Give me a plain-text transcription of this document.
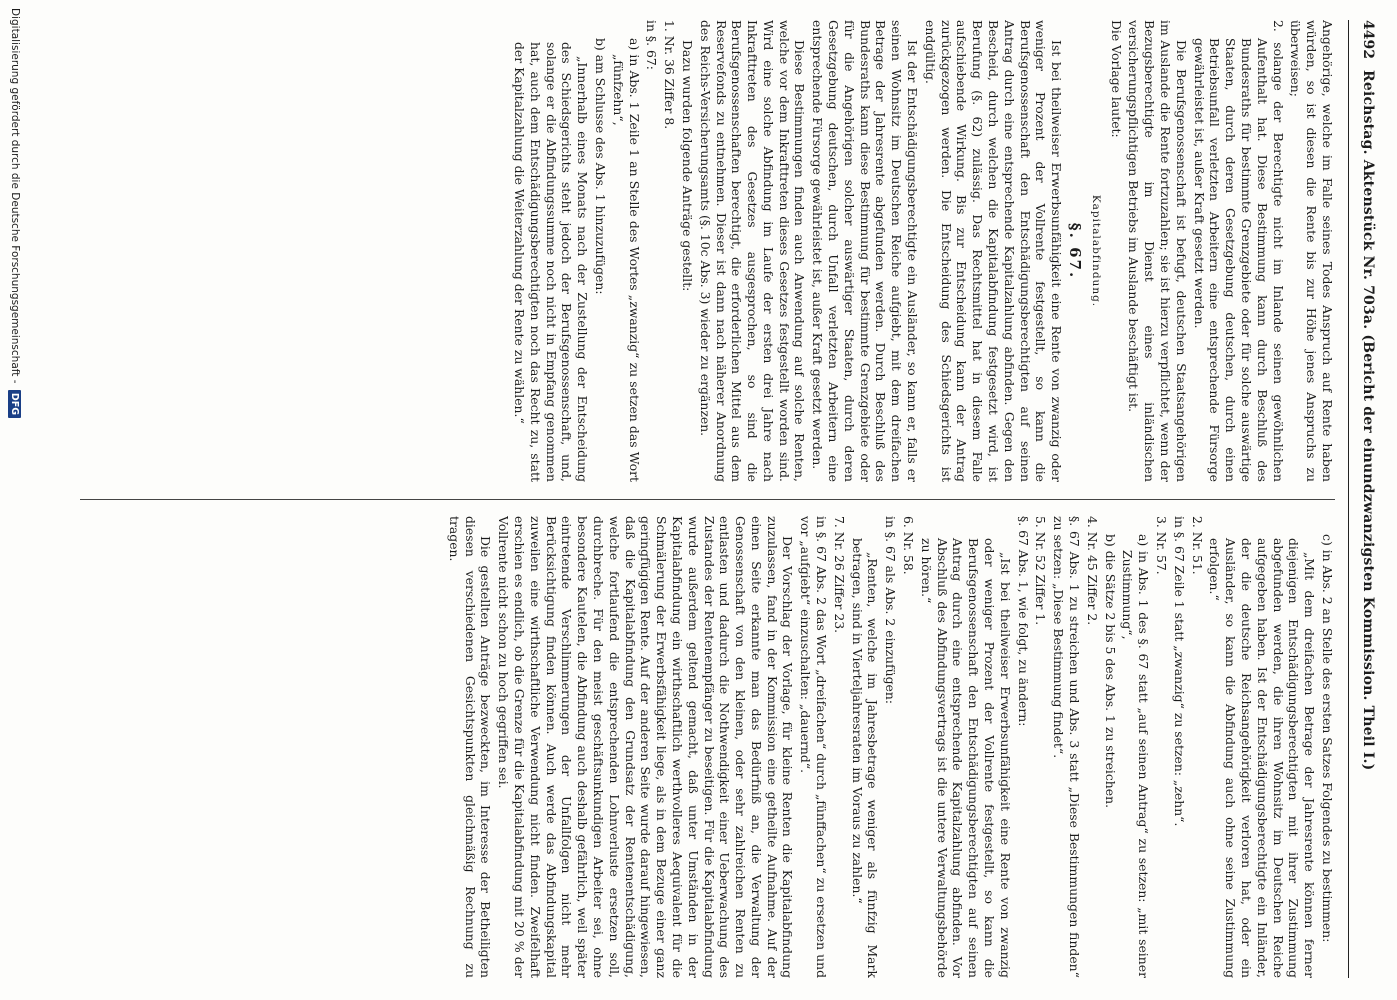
4492
Reichstag. Aktenstück Nr. 703a. (Bericht der einundzwanzigsten Kommission. Theil I.)
Angehörige, welche im Falle seines Todes Anspruch auf Rente haben würden, so ist diesen die Rente bis zur Höhe jenes Anspruchs zu überweisen;
2. solange der Berechtigte nicht im Inlande seinen gewöhnlichen Aufenthalt hat. Diese Bestimmung kann durch Beschluß des Bundesraths für bestimmte Grenzgebiete oder für solche auswärtige Staaten, durch deren Gesetzgebung deutschen, durch einen Betriebsunfall verletzten Arbeitern eine entsprechende Fürsorge gewährleistet ist, außer Kraft gesetzt werden.
Die Berufsgenossenschaft ist befugt, deutschen Staatsangehörigen im Auslande die Rente fortzuzahlen; sie ist hierzu verpflichtet, wenn der Bezugsberechtigte im Dienst eines inländischen versicherungspflichtigen Betriebs im Auslande beschäftigt ist.
Die Vorlage lautet:
Kapitalabfindung.
§. 67.
Ist bei theilweiser Erwerbsunfähigkeit eine Rente von zwanzig oder weniger Prozent der Vollrente festgestellt, so kann die Berufsgenossenschaft den Entschädigungsberechtigten auf seinen Antrag durch eine entsprechende Kapitalzahlung abfinden. Gegen den Bescheid, durch welchen die Kapitalabfindung festgesetzt wird, ist Berufung (§. 62) zulässig. Das Rechtsmittel hat in diesem Falle aufschiebende Wirkung. Bis zur Entscheidung kann der Antrag zurückgezogen werden. Die Entscheidung des Schiedsgerichts ist endgültig.
Ist der Entschädigungsberechtigte ein Ausländer, so kann er, falls er seinen Wohnsitz im Deutschen Reiche aufgiebt, mit dem dreifachen Betrage der Jahresrente abgefunden werden. Durch Beschluß des Bundesraths kann diese Bestimmung für bestimmte Grenzgebiete oder für die Angehörigen solcher auswärtiger Staaten, durch deren Gesetzgebung deutschen, durch Unfall verletzten Arbeitern eine entsprechende Fürsorge gewährleistet ist, außer Kraft gesetzt werden.
Diese Bestimmungen finden auch Anwendung auf solche Renten, welche vor dem Inkrafttreten dieses Gesetzes festgestellt worden sind. Wird eine solche Abfindung im Laufe der ersten drei Jahre nach Inkrafttreten des Gesetzes ausgesprochen, so sind die Berufsgenossenschaften berechtigt, die erforderlichen Mittel aus dem Reservefonds zu entnehmen. Dieser ist dann nach näherer Anordnung des Reichs-Versicherungsamts (§. 10c Abs. 3) wieder zu ergänzen.
Dazu wurden folgende Anträge gestellt:
1. Nr. 36 Ziffer 8.
in §. 67:
a) in Abs. 1 Zeile 1 an Stelle des Wortes „zwanzig“ zu setzen das Wort „fünfzehn“,
b) am Schlusse des Abs. 1 hinzuzufügen:
„Innerhalb eines Monats nach der Zustellung der Entscheidung des Schiedsgerichts steht jedoch der Berufsgenossenschaft, und, solange er die Abfindungssumme noch nicht in Empfang genommen hat, auch dem Entschädigungsberechtigten noch das Recht zu, statt der Kapitalzahlung die Weiterzahlung der Rente zu wählen.“
c) in Abs. 2 an Stelle des ersten Satzes Folgendes zu bestimmen:
„Mit dem dreifachen Betrage der Jahresrente können ferner diejenigen Entschädigungsberechtigten mit ihrer Zustimmung abgefunden werden, die ihren Wohnsitz im Deutschen Reiche aufgegeben haben. Ist der Entschädigungsberechtigte ein Inländer, der die deutsche Reichsangehörigkeit verloren hat, oder ein Ausländer, so kann die Abfindung auch ohne seine Zustimmung erfolgen.“
2. Nr. 51.
in §. 67 Zeile 1 statt „zwanzig“ zu setzen: „zehn“.
3. Nr. 57.
a) in Abs. 1 des §. 67 statt „auf seinen Antrag“ zu setzen: „mit seiner Zustimmung“,
b) die Sätze 2 bis 5 des Abs. 1 zu streichen.
4. Nr. 45 Ziffer 2.
§. 67 Abs. 1 zu streichen und Abs. 3 statt „Diese Bestimmungen finden“ zu setzen: „Diese Bestimmung findet“.
5. Nr. 52 Ziffer 1.
§. 67 Abs. 1, wie folgt, zu ändern:
„Ist bei theilweiser Erwerbsunfähigkeit eine Rente von zwanzig oder weniger Prozent der Vollrente festgestellt, so kann die Berufsgenossenschaft den Entschädigungsberechtigten auf seinen Antrag durch eine entsprechende Kapitalzahlung abfinden. Vor Abschluß des Abfindungsvertrags ist die untere Verwaltungsbehörde zu hören.“
6. Nr. 58.
in §. 67 als Abs. 2 einzufügen:
„Renten, welche im Jahresbetrage weniger als fünfzig Mark betragen, sind in Vierteljahresraten im Voraus zu zahlen.“
7. Nr. 26 Ziffer 23.
in §. 67 Abs. 2 das Wort „dreifachen“ durch „fünffachen“ zu ersetzen und vor „aufgiebt“ einzuschalten: „dauernd“.
Der Vorschlag der Vorlage, für kleine Renten die Kapitalabfindung zuzulassen, fand in der Kommission eine getheilte Aufnahme. Auf der einen Seite erkannte man das Bedürfniß an, die Verwaltung der Genossenschaft von den kleinen, oder sehr zahlreichen Renten zu entlasten und dadurch die Nothwendigkeit einer Ueberwachung des Zustandes der Rentenempfänger zu beseitigen. Für die Kapitalabfindung wurde außerdem geltend gemacht, daß unter Umständen in der Kapitalabfindung ein wirthschaftlich werthvolleres Aequivalent für die Schmälerung der Erwerbsfähigkeit liege, als in dem Bezuge einer ganz geringfügigen Rente. Auf der anderen Seite wurde darauf hingewiesen, daß die Kapitalabfindung den Grundsatz der Rentenentschädigung, welche fortlaufend die entsprechenden Lohnverluste ersetzen soll, durchbreche. Für den meist geschäftsunkundigen Arbeiter sei, ohne besondere Kautelen, die Abfindung auch deshalb gefährlich, weil später eintretende Verschlimmerungen der Unfallfolgen nicht mehr Berücksichtigung finden können. Auch werde das Abfindungskapital zuweilen eine wirthschaftliche Verwendung nicht finden. Zweifelhaft erschien es endlich, ob die Grenze für die Kapitalabfindung mit 20 % der Vollrente nicht schon zu hoch gegriffen sei.
Die gestellten Anträge bezweckten, im Interesse der Betheiligten diesen verschiedenen Gesichtspunkten gleichmäßig Rechnung zu tragen.
Digitalisierung gefördert durch die Deutsche Forschungsgemeinschaft - DFG
